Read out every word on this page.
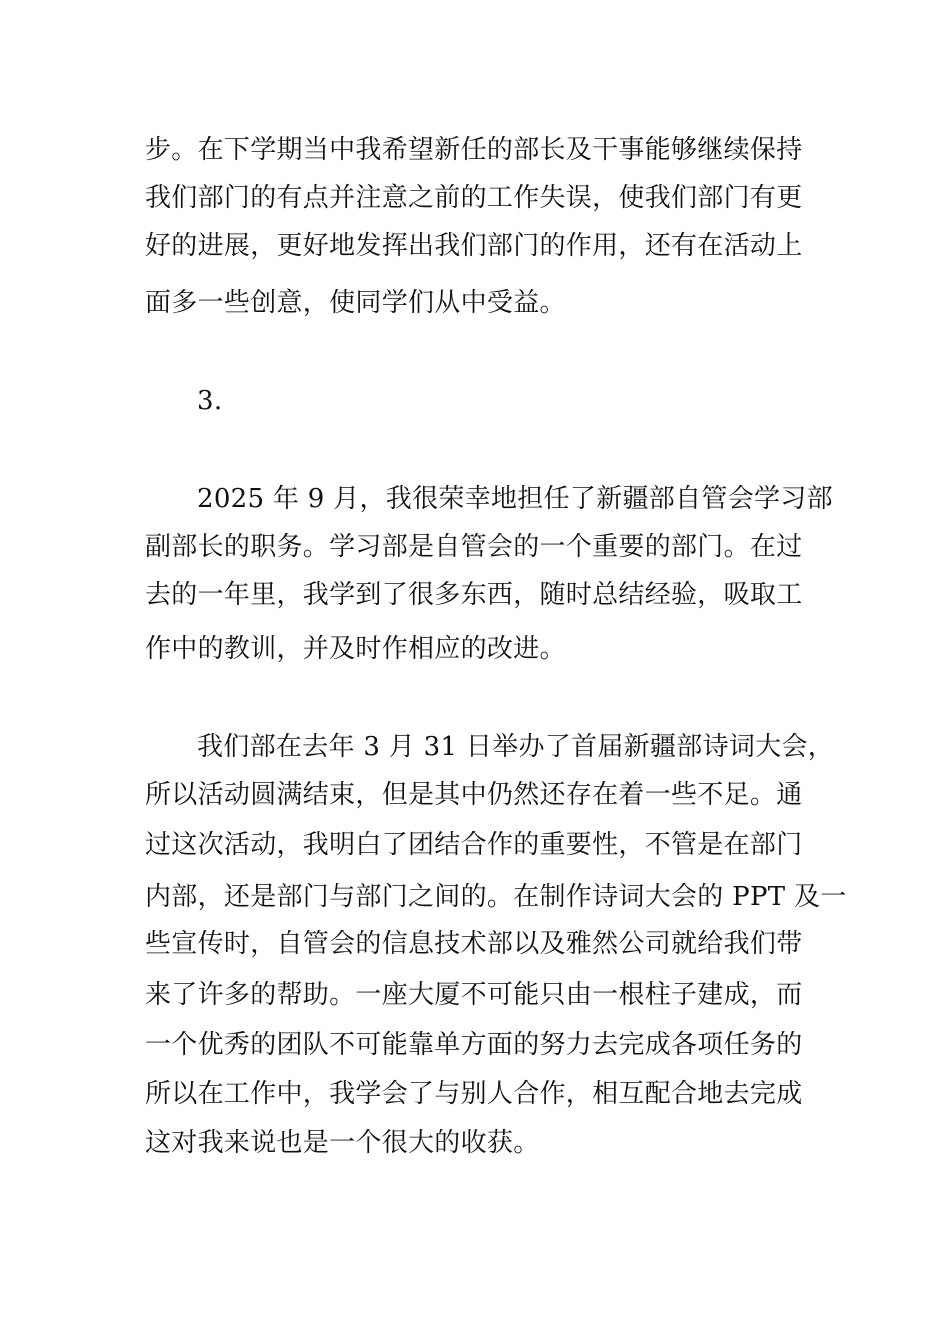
步。在下学期当中我希望新任的部长及干事能够继续保持
我们部门的有点并注意之前的工作失误，使我们部门有更
好的进展，更好地发挥出我们部门的作用，还有在活动上
面多一些创意，使同学们从中受益。
3.
2025 年 9 月，我很荣幸地担任了新疆部自管会学习部
副部长的职务。学习部是自管会的一个重要的部门。在过
去的一年里，我学到了很多东西，随时总结经验，吸取工
作中的教训，并及时作相应的改进。
我们部在去年 3 月 31 日举办了首届新疆部诗词大会，
所以活动圆满结束，但是其中仍然还存在着一些不足。通
过这次活动，我明白了团结合作的重要性，不管是在部门
内部，还是部门与部门之间的。在制作诗词大会的 PPT 及一
些宣传时，自管会的信息技术部以及雅然公司就给我们带
来了许多的帮助。一座大厦不可能只由一根柱子建成，而
一个优秀的团队不可能靠单方面的努力去完成各项任务的
所以在工作中，我学会了与别人合作，相互配合地去完成
这对我来说也是一个很大的收获。
